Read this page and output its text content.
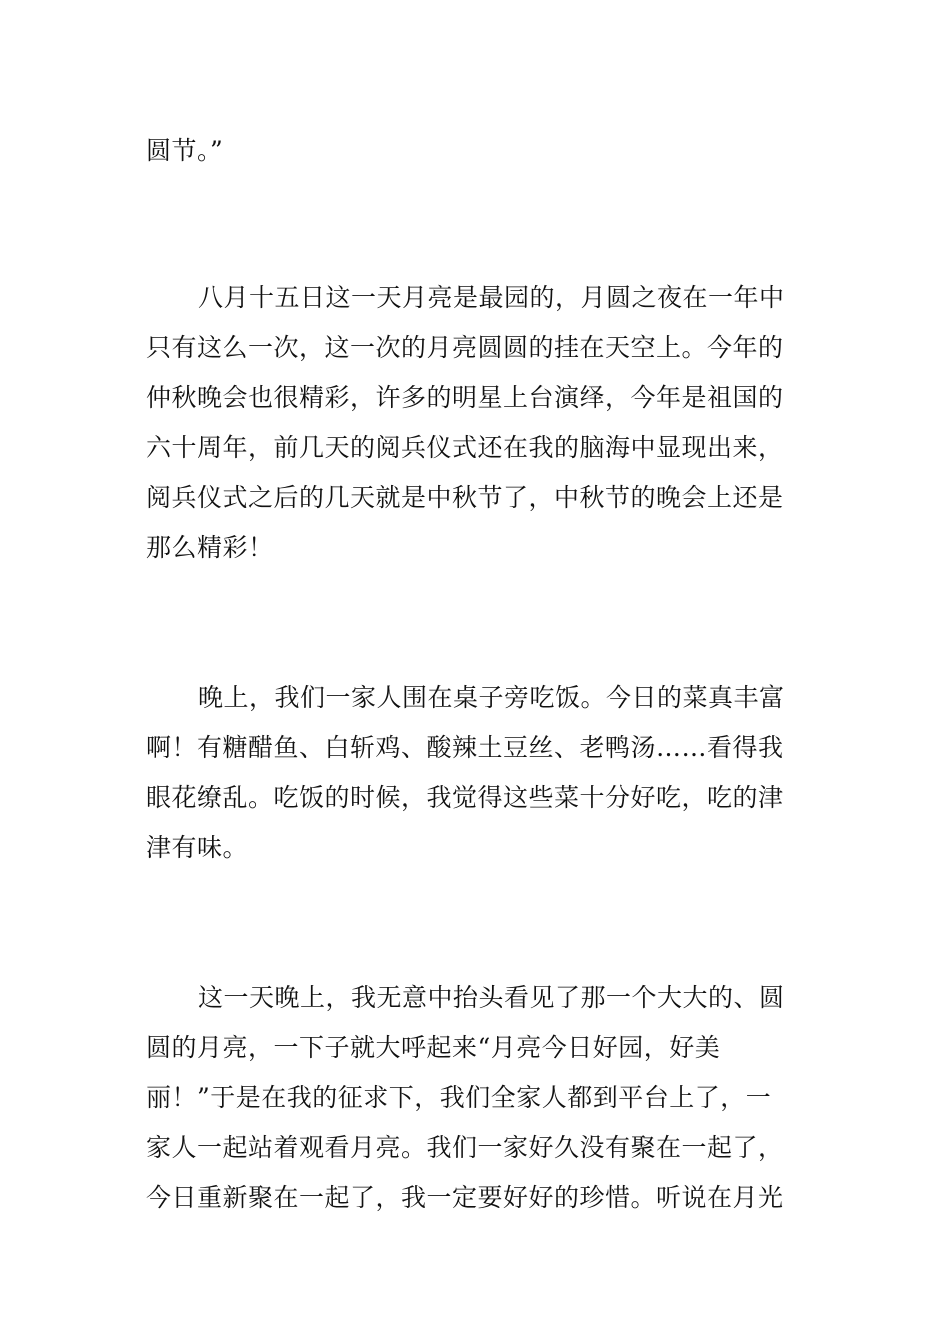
圆节。”

八月十五日这一天月亮是最园的，月圆之夜在一年中
只有这么一次，这一次的月亮圆圆的挂在天空上。今年的
仲秋晚会也很精彩，许多的明星上台演绎，今年是祖国的
六十周年，前几天的阅兵仪式还在我的脑海中显现出来，
阅兵仪式之后的几天就是中秋节了，中秋节的晚会上还是
那么精彩！

晚上，我们一家人围在桌子旁吃饭。今日的菜真丰富
啊！有糖醋鱼、白斩鸡、酸辣土豆丝、老鸭汤……看得我
眼花缭乱。吃饭的时候，我觉得这些菜十分好吃，吃的津
津有味。

这一天晚上，我无意中抬头看见了那一个大大的、圆
圆的月亮，一下子就大呼起来“月亮今日好园，好美
丽！”于是在我的征求下，我们全家人都到平台上了，一
家人一起站着观看月亮。我们一家好久没有聚在一起了，
今日重新聚在一起了，我一定要好好的珍惜。听说在月光
